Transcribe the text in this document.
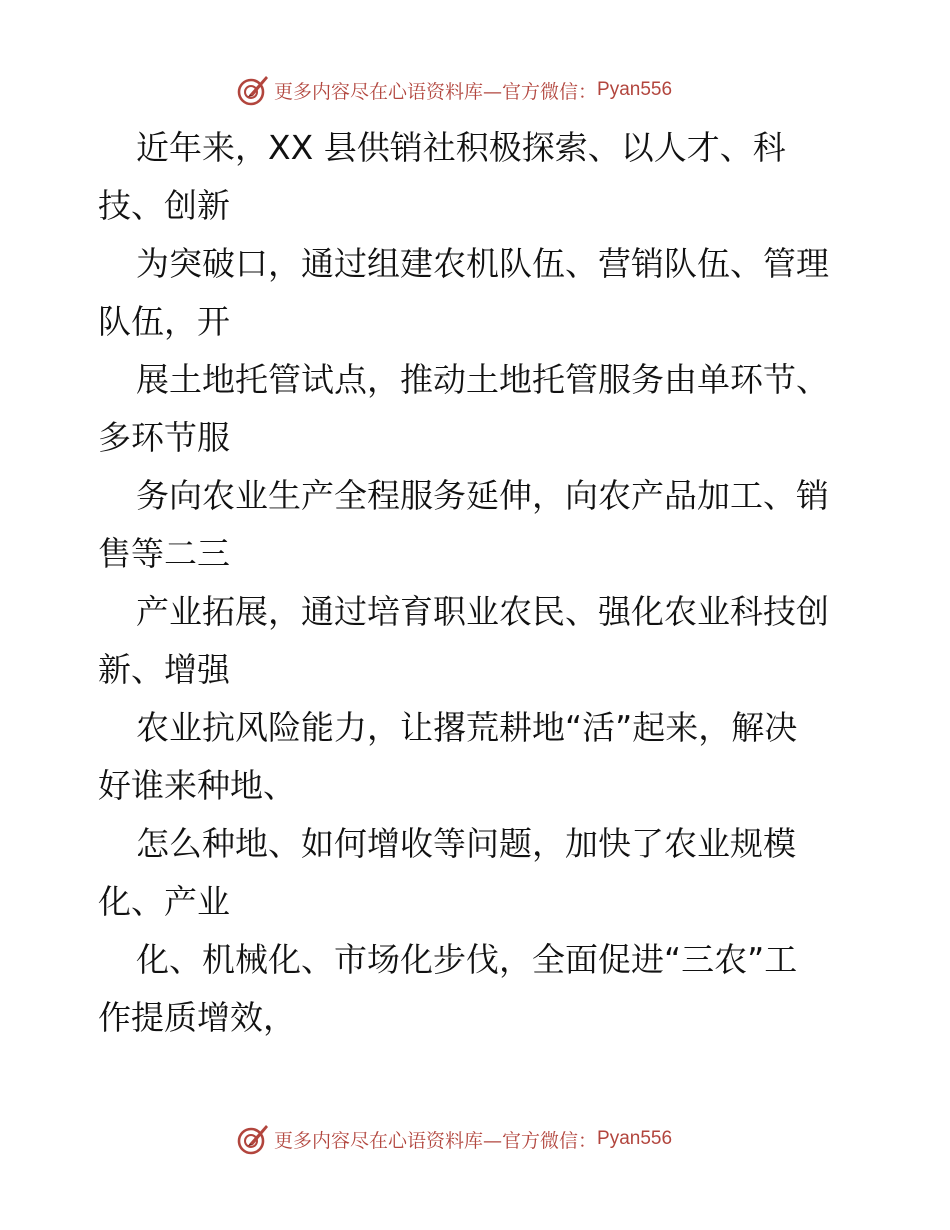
更多内容尽在心语资料库—官方微信： Pyan556
近年来，XX 县供销社积极探索、以人才、科
技、创新
为突破口，通过组建农机队伍、营销队伍、管理
队伍，开
展土地托管试点，推动土地托管服务由单环节、
多环节服
务向农业生产全程服务延伸，向农产品加工、销
售等二三
产业拓展，通过培育职业农民、强化农业科技创
新、增强
农业抗风险能力，让撂荒耕地“活”起来，解决
好谁来种地、
怎么种地、如何增收等问题，加快了农业规模
化、产业
化、机械化、市场化步伐，全面促进“三农”工
作提质增效，
更多内容尽在心语资料库—官方微信： Pyan556
